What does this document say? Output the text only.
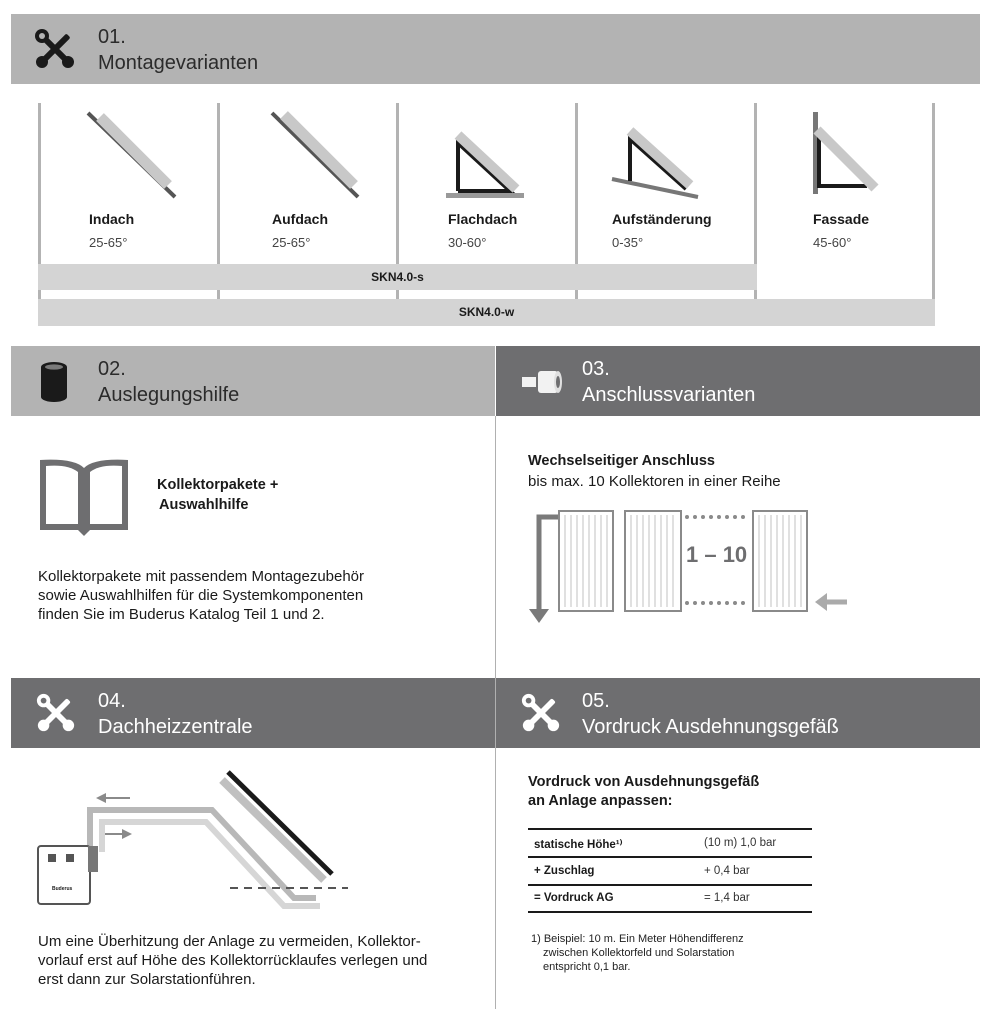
01.
Montagevarianten
Indach
25-65°
Aufdach
25-65°
Flachdach
30-60°
Aufständerung
0-35°
Fassade
45-60°
SKN4.0-s
SKN4.0-w
02.
Auslegungshilfe
03.
Anschlussvarianten
Kollektorpakete +
Auswahlhilfe
Kollektorpakete mit passendem Montagezubehör
sowie Auswahlhilfen für die Systemkomponenten
finden Sie im Buderus Katalog Teil 1 und 2.
Wechselseitiger Anschluss
bis max. 10 Kollektoren in einer Reihe
1 – 10
04.
Dachheizzentrale
05.
Vordruck Ausdehnungsgefäß
Buderus
Um eine Überhitzung der Anlage zu vermeiden, Kollektor-
vorlauf erst auf Höhe des Kollektorrücklaufes verlegen und
erst dann zur Solarstationführen.
Vordruck von Ausdehnungsgefäß
an Anlage anpassen:
statische Höhe¹⁾	(10 m) 1,0 bar
+ Zuschlag	+ 0,4 bar
= Vordruck AG	= 1,4 bar
1) Beispiel: 10 m. Ein Meter Höhendifferenz
zwischen Kollektorfeld und Solarstation
entspricht 0,1 bar.
